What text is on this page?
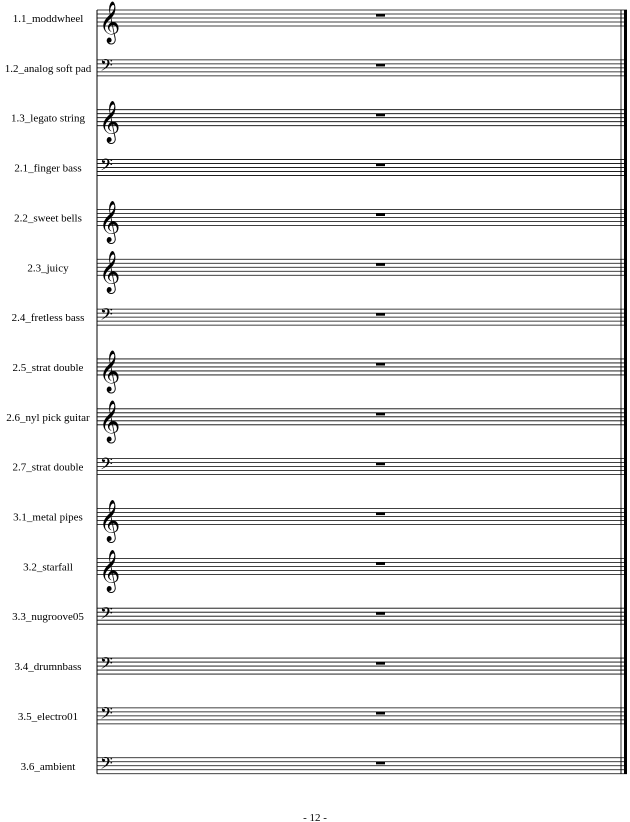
1.1_moddwheel 𝄞
1.2_analog soft pad 𝄢
1.3_legato string 𝄞
2.1_finger bass 𝄢
2.2_sweet bells 𝄞
2.3_juicy 𝄞
2.4_fretless bass 𝄢
2.5_strat double 𝄞
2.6_nyl pick guitar 𝄞
2.7_strat double 𝄢
3.1_metal pipes 𝄞
3.2_starfall 𝄞
3.3_nugroove05 𝄢
3.4_drumnbass 𝄢
3.5_electro01 𝄢
3.6_ambient 𝄢
- 12 -
